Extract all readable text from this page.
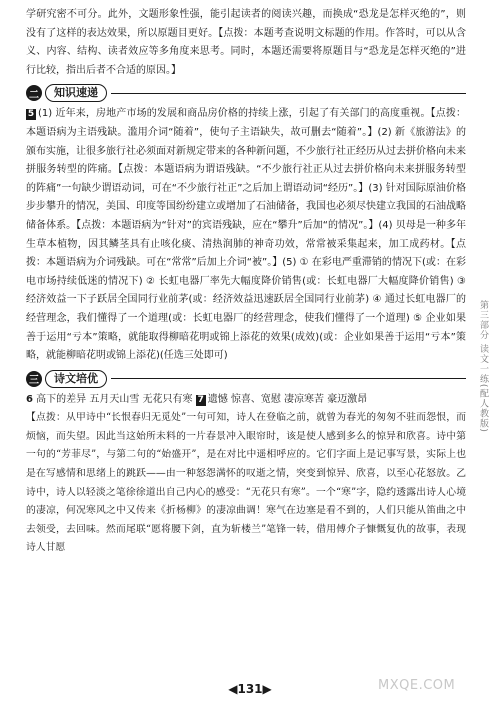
学研究密不可分。此外，文题形象性强，能引起读者的阅读兴趣，而换成“恐龙是怎样灭绝的”，则没有了这样的表达效果，所以原题目更好。【点拨：本题考查说明文标题的作用。作答时，可以从含义、内容、结构、读者效应等多角度来思考。同时，本题还需要将原题目与“恐龙是怎样灭绝的”进行比较，指出后者不合适的原因。】

二	知识速递

5 (1) 近年来，房地产市场的发展和商品房价格的持续上涨，引起了有关部门的高度重视。【点拨：本题语病为主语残缺。滥用介词“随着”，使句子主语缺失，故可删去“随着”。】(2) 新《旅游法》的颁布实施，让很多旅行社必须面对新规定带来的各种新问题，不少旅行社正经历从过去拼价格向未来拼服务转型的阵痛。【点拨：本题语病为谓语残缺。“不少旅行社正从过去拼价格向未来拼服务转型的阵痛”一句缺少谓语动词，可在“不少旅行社正”之后加上谓语动词“经历”。】(3) 针对国际原油价格步步攀升的情况，美国、印度等国纷纷建立或增加了石油储备，我国也必须尽快建立我国的石油战略储备体系。【点拨：本题语病为“针对”的宾语残缺，应在“攀升”后加“的情况”。】(4) 贝母是一种多年生草本植物，因其鳞茎具有止咳化痰、清热润肺的神奇功效，常常被采集起来，加工成药材。【点拨：本题语病为介词残缺。可在“常常”后加上介词“被”。】(5) ① 在彩电严重滞销的情况下(或：在彩电市场持续低迷的情况下) ② 长虹电器厂率先大幅度降价销售(或：长虹电器厂大幅度降价销售) ③ 经济效益一下子跃居全国同行业前茅(或：经济效益迅速跃居全国同行业前茅) ④ 通过长虹电器厂的经营理念，我们懂得了一个道理(或：长虹电器厂的经营理念，使我们懂得了一个道理) ⑤ 企业如果善于运用“亏本”策略，就能取得柳暗花明或锦上添花的效果(成效)(或：企业如果善于运用“亏本”策略，就能柳暗花明或锦上添花)(任选三处即可)

三	诗文培优

6 高下的差异 五月天山雪 无花只有寒 7 遗憾 惊喜、宽慰 凄凉寒苦 豪迈激昂

【点拨：从甲诗中“长恨春归无觅处”一句可知，诗人在登临之前，就曾为春光的匆匆不驻而怨恨，而烦恼，而失望。因此当这始所未料的一片春景冲入眼帘时，该是使人感到多么的惊异和欣喜。诗中第一句的“芳菲尽”，与第二句的“始盛开”，是在对比中遥相呼应的。它们字面上是记事写景，实际上也是在写感情和思绪上的跳跃——由一种怒怨满怀的叹逝之情，突变到惊异、欣喜，以至心花怒放。乙诗中，诗人以轻淡之笔徐徐道出自己内心的感受：“无花只有寒”。一个“寒”字，隐约透露出诗人心境的凄凉，何况寒风之中又传来《折杨柳》的凄凉曲调！寒气在边塞是看不到的，人们只能从笛曲之中去领受，去回味。然而尾联“愿将腰下剑，直为斩楼兰”笔锋一转，借用傅介子慷慨复仇的故事，表现诗人甘愿

第三部分 读文一练(配人教版)
◀131▶	MXQE.COM
